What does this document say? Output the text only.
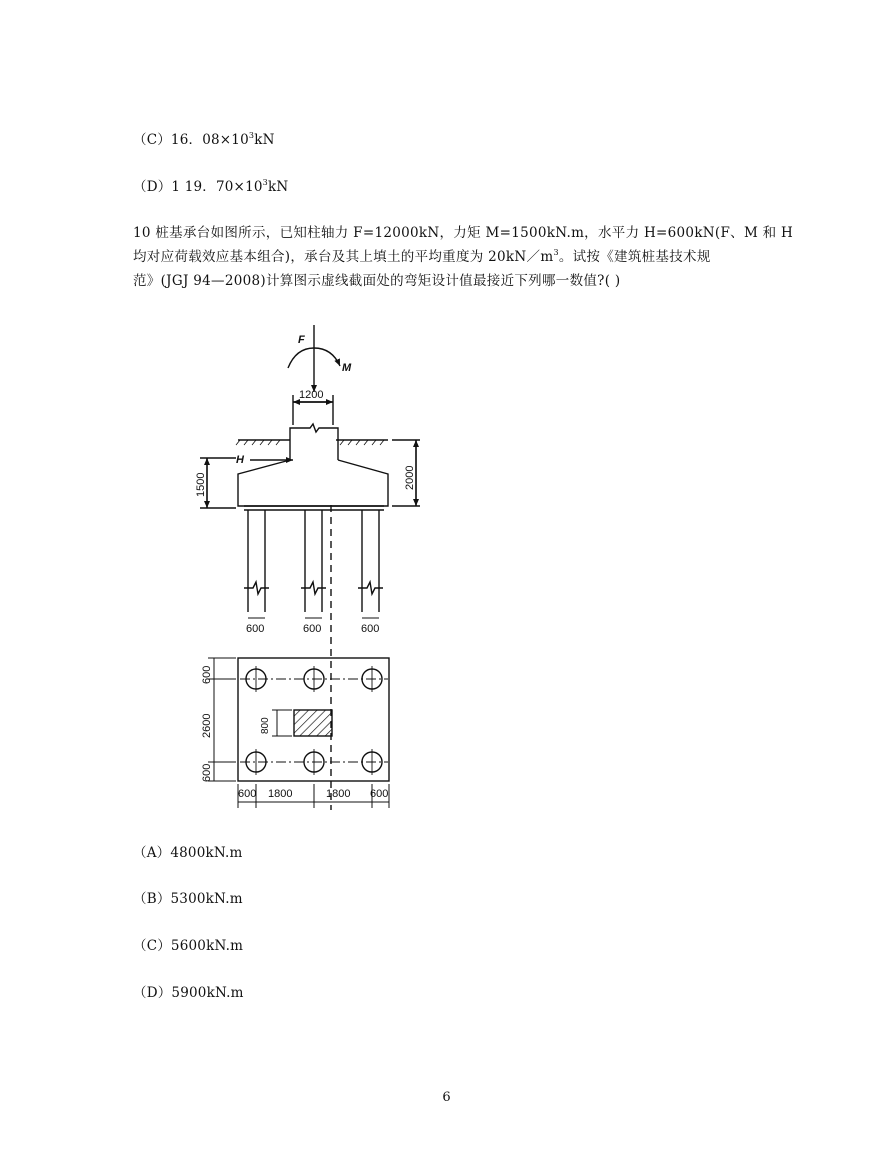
（C）16．$08\times 10^3kN$
（D）1 19．$70\times 10^3kN$
10 桩基承台如图所示，已知柱轴力 F=12000kN，力矩 M=1500kN.m，水平力 H=600kN(F、M 和 H
均对应荷载效应基本组合)，承台及其上填土的平均重度为 $20kN/m^3$。试按《建筑桩基技术规
范》(JGJ 94—2008)计算图示虚线截面处的弯矩设计值最接近下列哪一数值?( )
F
M
H
1200
1500	2000
600	600	600
600
2600
600
800
600 1800	1800 600
（A）4800kN.m
（B）5300kN.m
（C）5600kN.m
（D）5900kN.m
6
